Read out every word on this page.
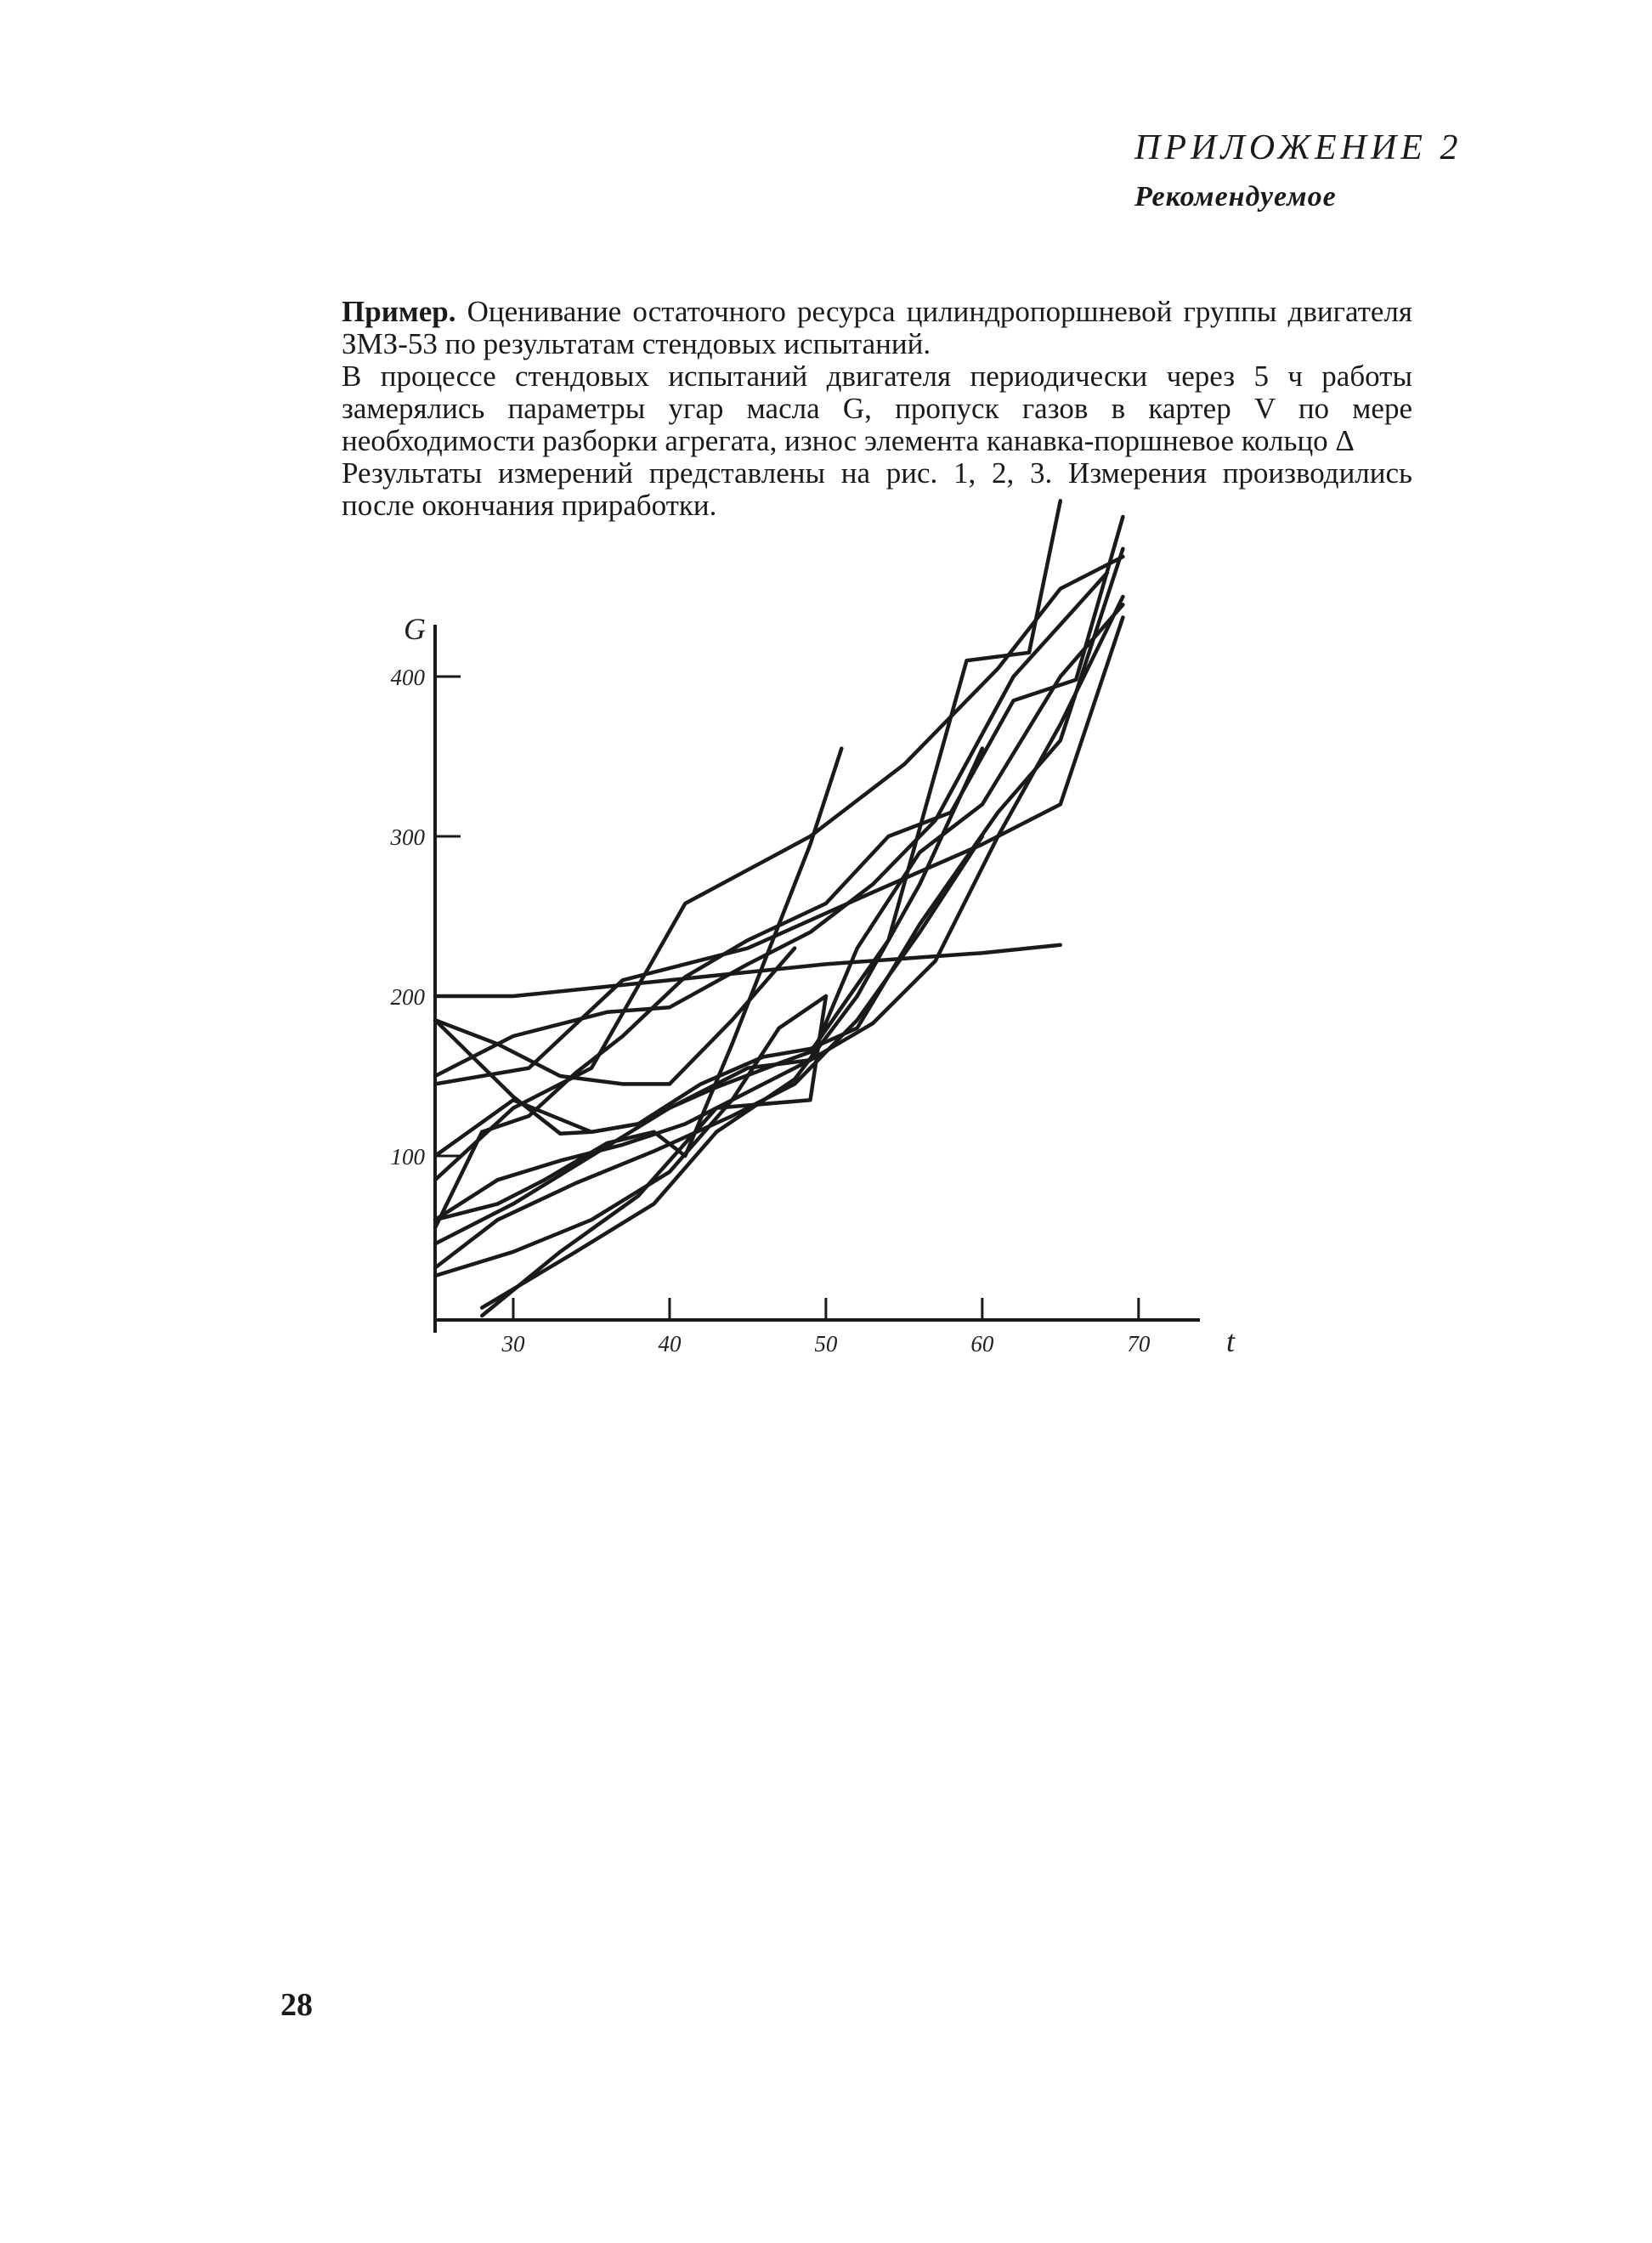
ПРИЛОЖЕНИЕ 2
Рекомендуемое

Пример. Оценивание остаточного ресурса цилиндропоршневой группы двигателя ЗМЗ-53 по результатам стендовых испытаний.

В процессе стендовых испытаний двигателя периодически через 5 ч работы замерялись параметры угар масла G, пропуск газов в картер V по мере необходимости разборки агрегата, износ элемента канавка-поршневое кольцо Δ

Результаты измерений представлены на рис. 1, 2, 3. Измерения производились после окончания приработки.

100
200
300
400
30	40	50	60	70
G
t
28
